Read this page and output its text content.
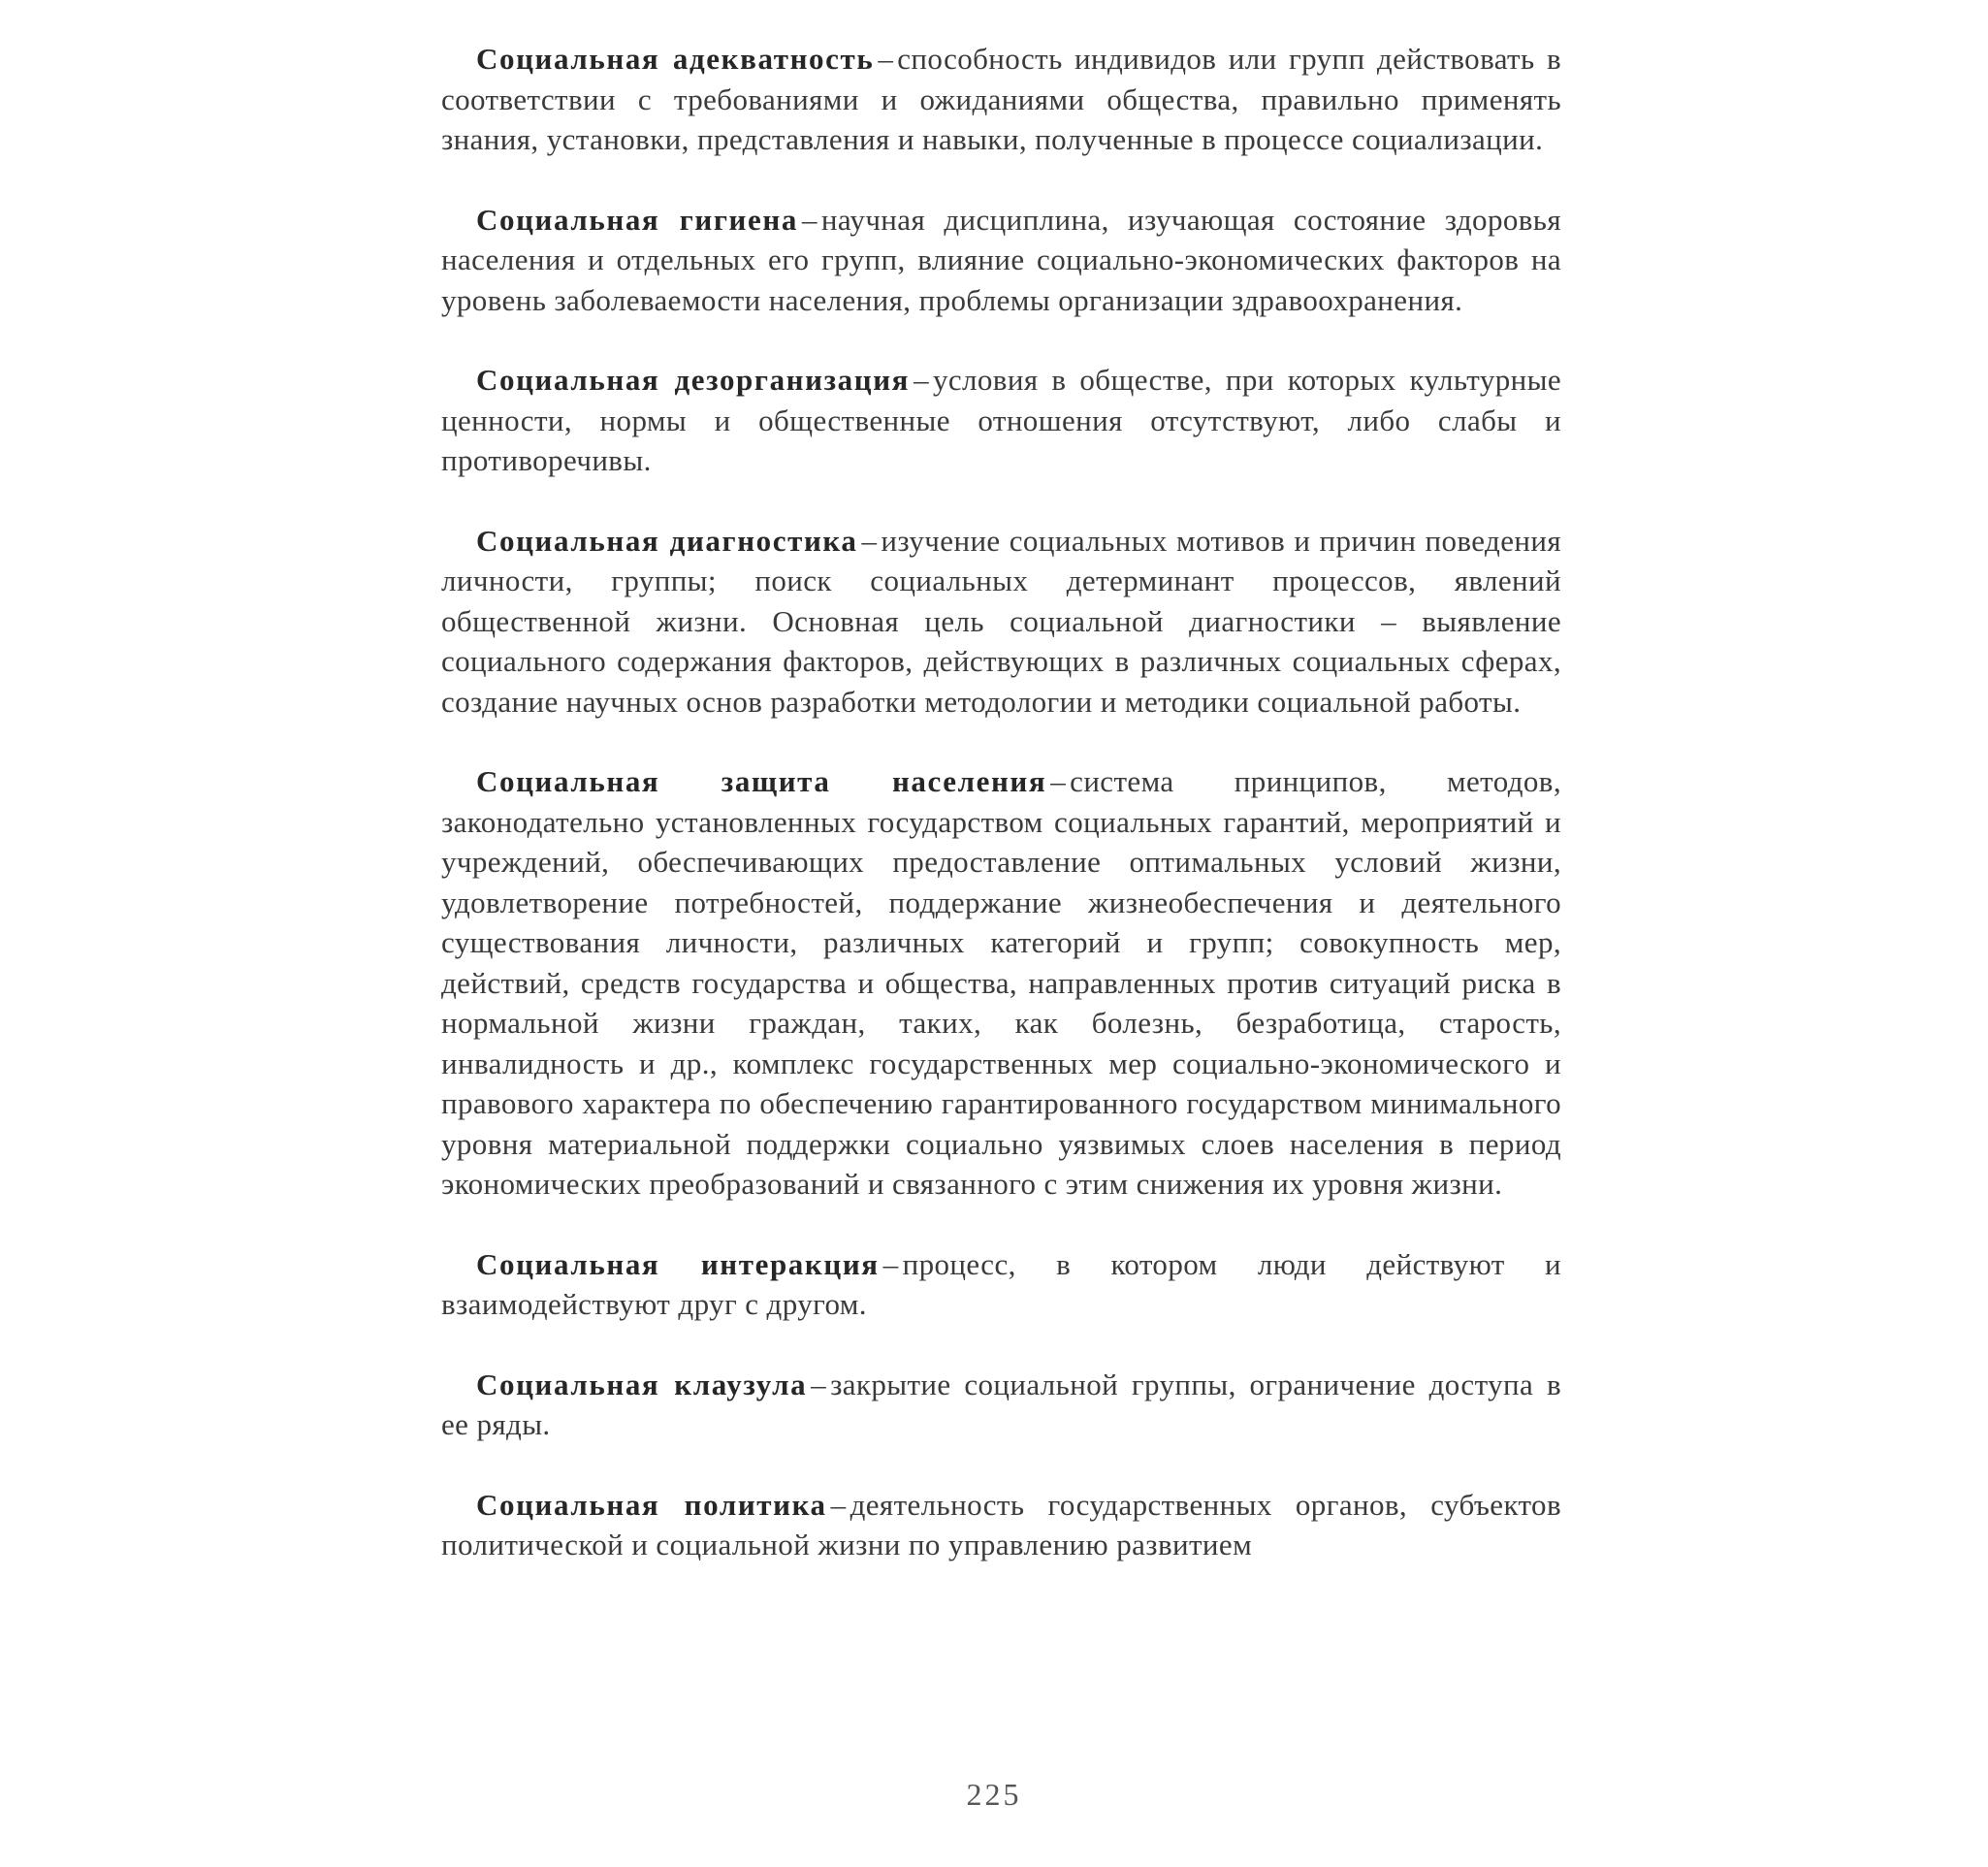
Социальная адекватность – способность индивидов или групп действовать в соответствии с требованиями и ожиданиями общества, правильно применять знания, установки, представления и навыки, полученные в процессе социализации.

Социальная гигиена – научная дисциплина, изучающая состояние здоровья населения и отдельных его групп, влияние социально-экономических факторов на уровень заболеваемости населения, проблемы организации здравоохранения.

Социальная дезорганизация – условия в обществе, при которых культурные ценности, нормы и общественные отношения отсутствуют, либо слабы и противоречивы.

Социальная диагностика – изучение социальных мотивов и причин поведения личности, группы; поиск социальных детерминант процессов, явлений общественной жизни. Основная цель социальной диагностики – выявление социального содержания факторов, действующих в различных социальных сферах, создание научных основ разработки методологии и методики социальной работы.

Социальная защита населения – система принципов, методов, законодательно установленных государством социальных гарантий, мероприятий и учреждений, обеспечивающих предоставление оптимальных условий жизни, удовлетворение потребностей, поддержание жизнеобеспечения и деятельного существования личности, различных категорий и групп; совокупность мер, действий, средств государства и общества, направленных против ситуаций риска в нормальной жизни граждан, таких, как болезнь, безработица, старость, инвалидность и др., комплекс государственных мер социально-экономического и правового характера по обеспечению гарантированного государством минимального уровня материальной поддержки социально уязвимых слоев населения в период экономических преобразований и связанного с этим снижения их уровня жизни.

Социальная интеракция – процесс, в котором люди действуют и взаимодействуют друг с другом.

Социальная клаузула – закрытие социальной группы, ограничение доступа в ее ряды.

Социальная политика – деятельность государственных органов, субъектов политической и социальной жизни по управлению развитием

225
